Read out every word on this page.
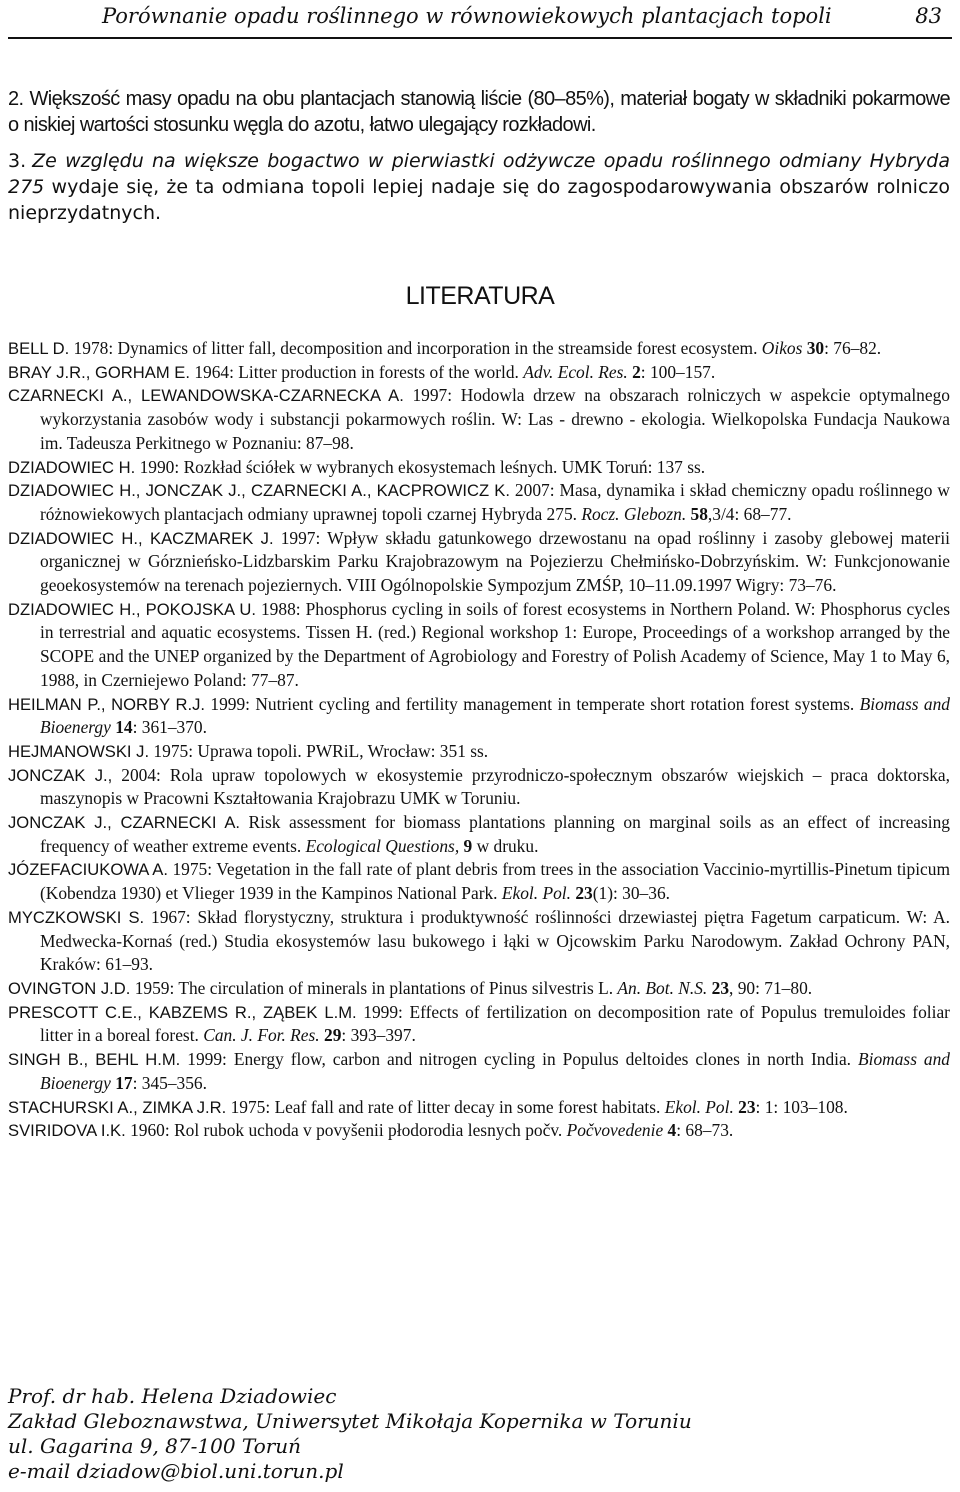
Porównanie opadu roślinnego w równowiekowych plantacjach topoli	83

2. Większość masy opadu na obu plantacjach stanowią liście (80–85%), materiał bogaty w składniki pokarmowe o niskiej wartości stosunku węgla do azotu, łatwo ulegający rozkładowi.

3. Ze względu na większe bogactwo w pierwiastki odżywcze opadu roślinnego odmiany Hybryda 275 wydaje się, że ta odmiana topoli lepiej nadaje się do zagospodarowywania obszarów rolniczo nieprzydatnych.

LITERATURA
BELL D. 1978: Dynamics of litter fall, decomposition and incorporation in the streamside forest ecosystem. Oikos 30: 76–82.
BRAY J.R., GORHAM E. 1964: Litter production in forests of the world. Adv. Ecol. Res. 2: 100–157.
CZARNECKI A., LEWANDOWSKA-CZARNECKA A. 1997: Hodowla drzew na obszarach rolniczych w aspekcie optymalnego wykorzystania zasobów wody i substancji pokarmowych roślin. W: Las - drewno - ekologia. Wielkopolska Fundacja Naukowa im. Tadeusza Perkitnego w Poznaniu: 87–98.
DZIADOWIEC H. 1990: Rozkład ściółek w wybranych ekosystemach leśnych. UMK Toruń: 137 ss.
DZIADOWIEC H., JONCZAK J., CZARNECKI A., KACPROWICZ K. 2007: Masa, dynamika i skład chemiczny opadu roślinnego w różnowiekowych plantacjach odmiany uprawnej topoli czarnej Hybryda 275. Rocz. Glebozn. 58,3/4: 68–77.
DZIADOWIEC H., KACZMAREK J. 1997: Wpływ składu gatunkowego drzewostanu na opad roślinny i zasoby glebowej materii organicznej w Górznieńsko-Lidzbarskim Parku Krajobrazowym na Pojezierzu Chełmińsko-Dobrzyńskim. W: Funkcjonowanie geoekosystemów na terenach pojeziernych. VIII Ogólnopolskie Sympozjum ZMŚP, 10–11.09.1997 Wigry: 73–76.
DZIADOWIEC H., POKOJSKA U. 1988: Phosphorus cycling in soils of forest ecosystems in Northern Poland. W: Phosphorus cycles in terrestrial and aquatic ecosystems. Tissen H. (red.) Regional workshop 1: Europe, Proceedings of a workshop arranged by the SCOPE and the UNEP organized by the Department of Agrobiology and Forestry of Polish Academy of Science, May 1 to May 6, 1988, in Czerniejewo Poland: 77–87.
HEILMAN P., NORBY R.J. 1999: Nutrient cycling and fertility management in temperate short rotation forest systems. Biomass and Bioenergy 14: 361–370.
HEJMANOWSKI J. 1975: Uprawa topoli. PWRiL, Wrocław: 351 ss.
JONCZAK J., 2004: Rola upraw topolowych w ekosystemie przyrodniczo-społecznym obszarów wiejskich – praca doktorska, maszynopis w Pracowni Kształtowania Krajobrazu UMK w Toruniu.
JONCZAK J., CZARNECKI A. Risk assessment for biomass plantations planning on marginal soils as an effect of increasing frequency of weather extreme events. Ecological Questions, 9 w druku.
JÓZEFACIUKOWA A. 1975: Vegetation in the fall rate of plant debris from trees in the association Vaccinio-myrtillis-Pinetum tipicum (Kobendza 1930) et Vlieger 1939 in the Kampinos National Park. Ekol. Pol. 23(1): 30–36.
MYCZKOWSKI S. 1967: Skład florystyczny, struktura i produktywność roślinności drzewiastej piętra Fagetum carpaticum. W: A. Medwecka-Kornaś (red.) Studia ekosystemów lasu bukowego i łąki w Ojcowskim Parku Narodowym. Zakład Ochrony PAN, Kraków: 61–93.
OVINGTON J.D. 1959: The circulation of minerals in plantations of Pinus silvestris L. An. Bot. N.S. 23, 90: 71–80.
PRESCOTT C.E., KABZEMS R., ZĄBEK L.M. 1999: Effects of fertilization on decomposition rate of Populus tremuloides foliar litter in a boreal forest. Can. J. For. Res. 29: 393–397.
SINGH B., BEHL H.M. 1999: Energy flow, carbon and nitrogen cycling in Populus deltoides clones in north India. Biomass and Bioenergy 17: 345–356.
STACHURSKI A., ZIMKA J.R. 1975: Leaf fall and rate of litter decay in some forest habitats. Ekol. Pol. 23: 1: 103–108.
SVIRIDOVA I.K. 1960: Rol rubok uchoda v povyšenii płodorodia lesnych počv. Počvovedenie 4: 68–73.
Prof. dr hab. Helena Dziadowiec
Zakład Gleboznawstwa, Uniwersytet Mikołaja Kopernika w Toruniu
ul. Gagarina 9, 87-100 Toruń
e-mail dziadow@biol.uni.torun.pl
